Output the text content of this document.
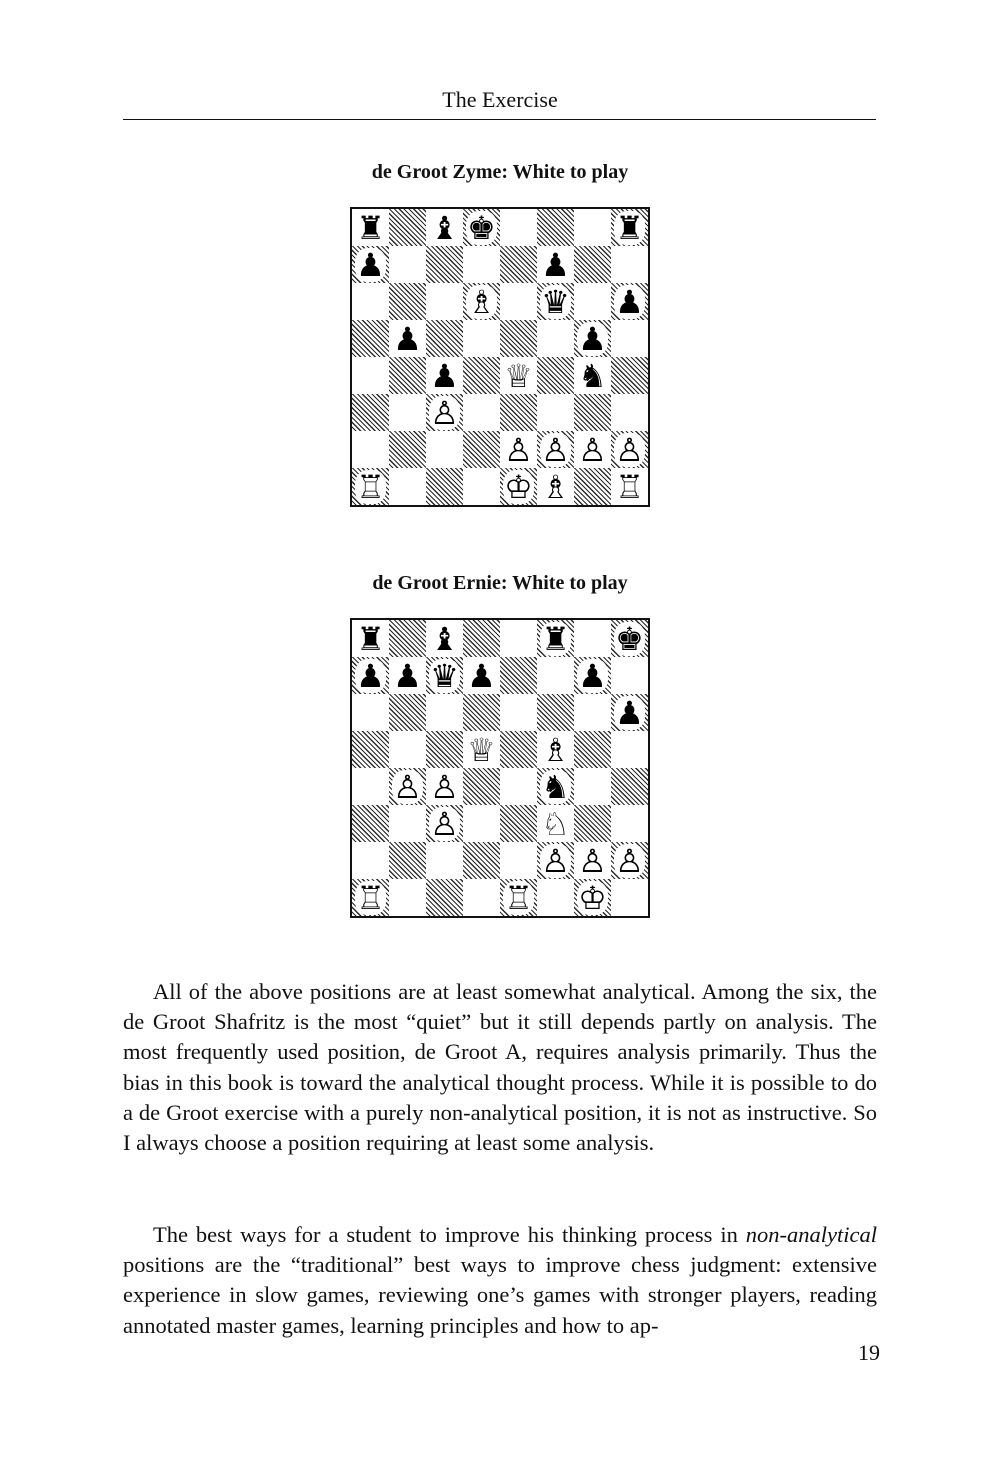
The Exercise
de Groot Zyme: White to play
♜ ♝ ♚	♜
♟	♟
♗ ♛ ♟
♟	♟
♟ ♕ ♞
♙
♙ ♙ ♙ ♙
♖	♔ ♗ ♖
de Groot Ernie: White to play
♜ ♝	♜ ♚
♟ ♟ ♛ ♟	♟
♟
♕ ♗
♙ ♙	♞
♙	♘
♙ ♙ ♙
♖	♖ ♔

All of the above positions are at least somewhat analytical. Among the six, the de Groot Shafritz is the most “quiet” but it still depends partly on analysis. The most frequently used position, de Groot A, requires analysis primarily. Thus the bias in this book is toward the analytical thought process. While it is possible to do a de Groot exercise with a purely non-analytical position, it is not as instructive. So I always choose a position requiring at least some analysis.

The best ways for a student to improve his thinking process in non-analytical positions are the “traditional” best ways to improve chess judgment: extensive experience in slow games, reviewing one’s games with stronger players, reading annotated master games, learning principles and how to ap-

19
